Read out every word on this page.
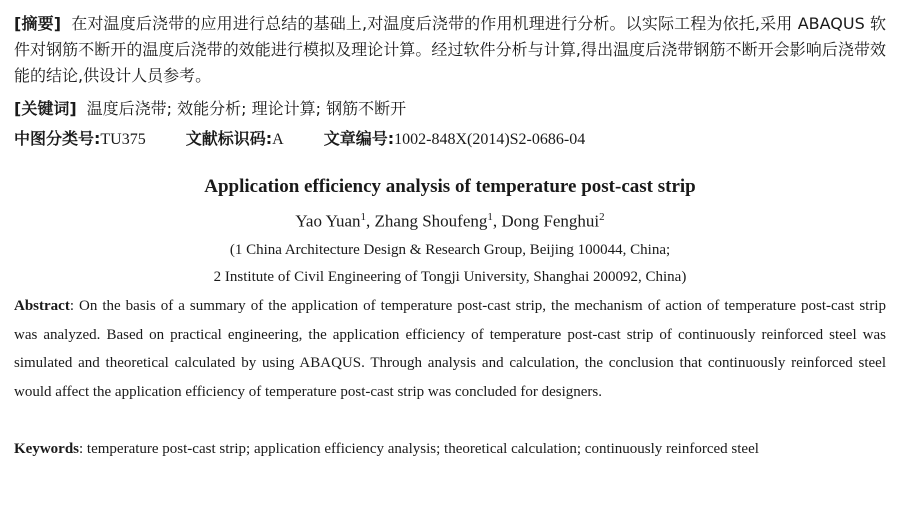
[摘要] 在对温度后浇带的应用进行总结的基础上,对温度后浇带的作用机理进行分析。以实际工程为依托,采用 ABAQUS 软件对钢筋不断开的温度后浇带的效能进行模拟及理论计算。经过软件分析与计算,得出温度后浇带钢筋不断开会影响后浇带效能的结论,供设计人员参考。
[关键词] 温度后浇带; 效能分析; 理论计算; 钢筋不断开
中图分类号:TU375	文献标识码:A	文章编号:1002-848X(2014)S2-0686-04
Application efficiency analysis of temperature post-cast strip
Yao Yuan$^1$, Zhang Shoufeng$^1$, Dong Fenghui$^2$
(1 China Architecture Design & Research Group, Beijing 100044, China;
2 Institute of Civil Engineering of Tongji University, Shanghai 200092, China)
Abstract: On the basis of a summary of the application of temperature post-cast strip, the mechanism of action of temperature post-cast strip was analyzed. Based on practical engineering, the application efficiency of temperature post-cast strip of continuously reinforced steel was simulated and theoretical calculated by using ABAQUS. Through analysis and calculation, the conclusion that continuously reinforced steel would affect the application efficiency of temperature post-cast strip was concluded for designers.
Keywords: temperature post-cast strip; application efficiency analysis; theoretical calculation; continuously reinforced steel
